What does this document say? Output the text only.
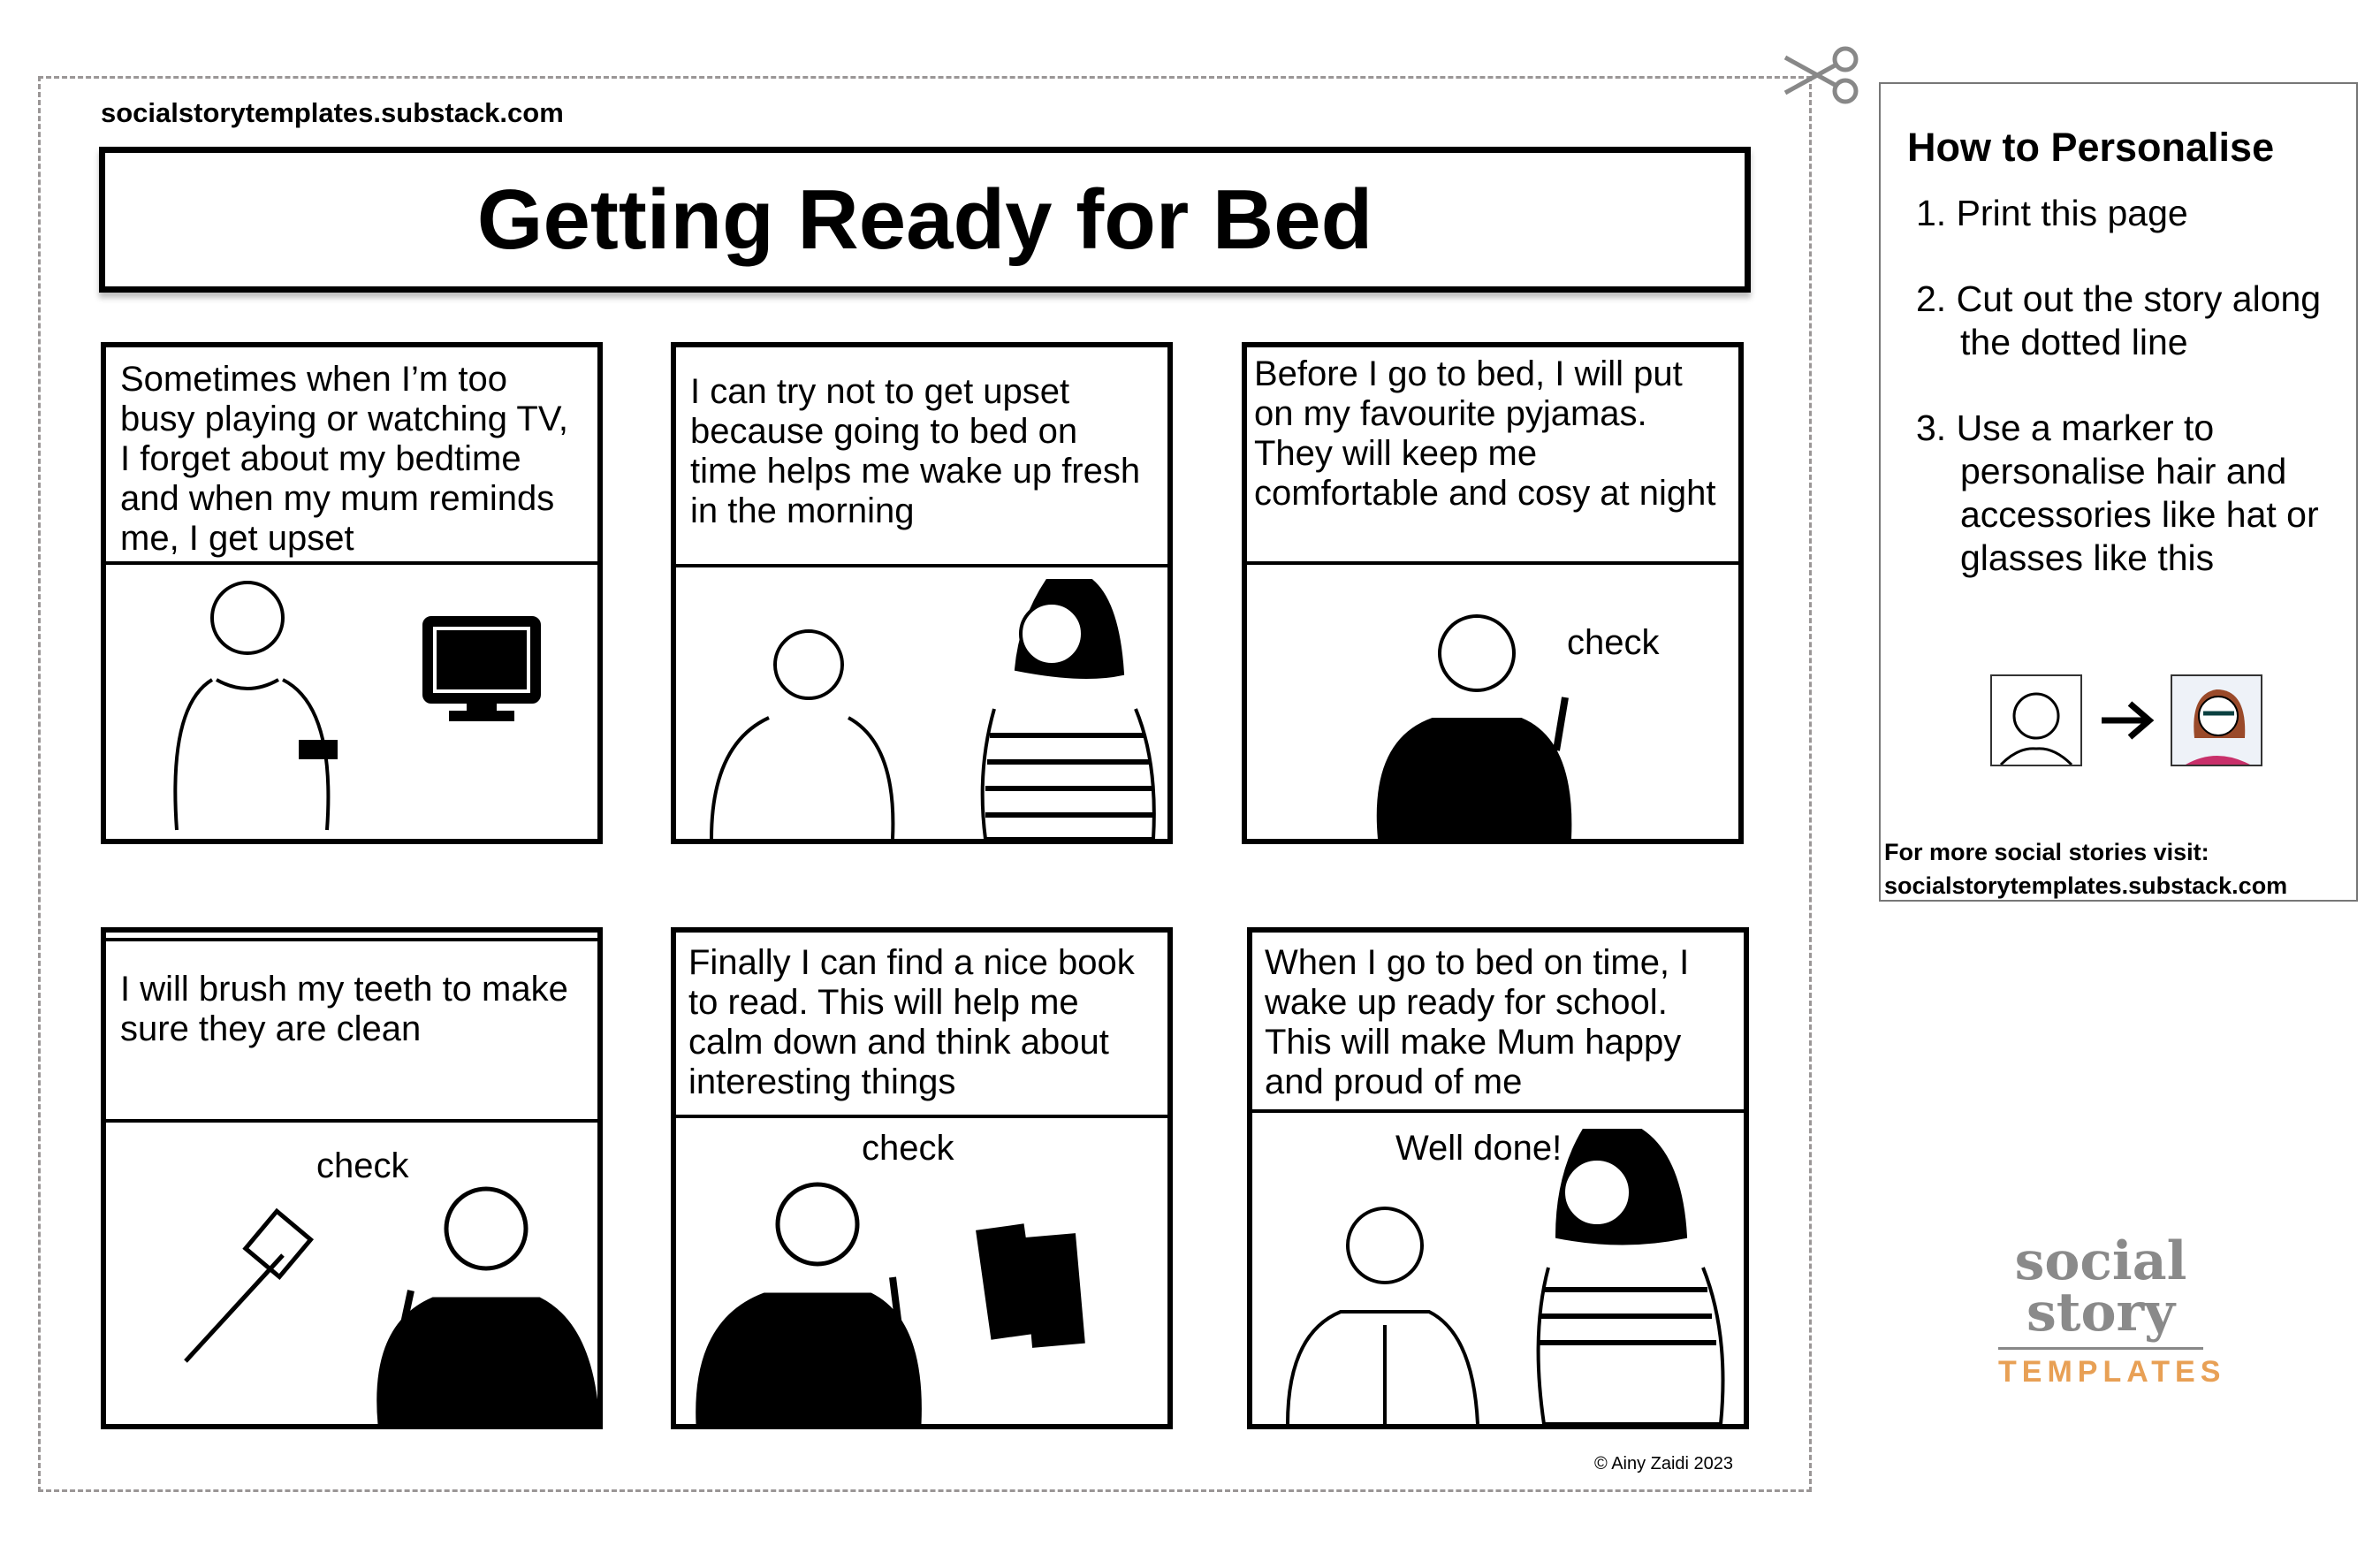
socialstorytemplates.substack.com
Getting Ready for Bed
Sometimes when I’m too busy playing or watching TV, I forget about my bedtime and when my mum reminds me, I get upset
I can try not to get upset because going to bed on time helps me wake up fresh in the morning
Before I go to bed, I will put on my favourite pyjamas. They will keep me comfortable and cosy at night
check
I will brush my teeth to make sure they are clean
check
Finally I can find a nice book to read. This will help me calm down and think about interesting things
check
When I go to bed on time, I wake up ready for school. This will make Mum happy and proud of me
Well done!
© Ainy Zaidi 2023
How to Personalise
1. Print this page
2. Cut out the story along the dotted line
3. Use a marker to personalise hair and accessories like hat or glasses like this
For more social stories visit:
socialstorytemplates.substack.com
social
story
TEMPLATES
